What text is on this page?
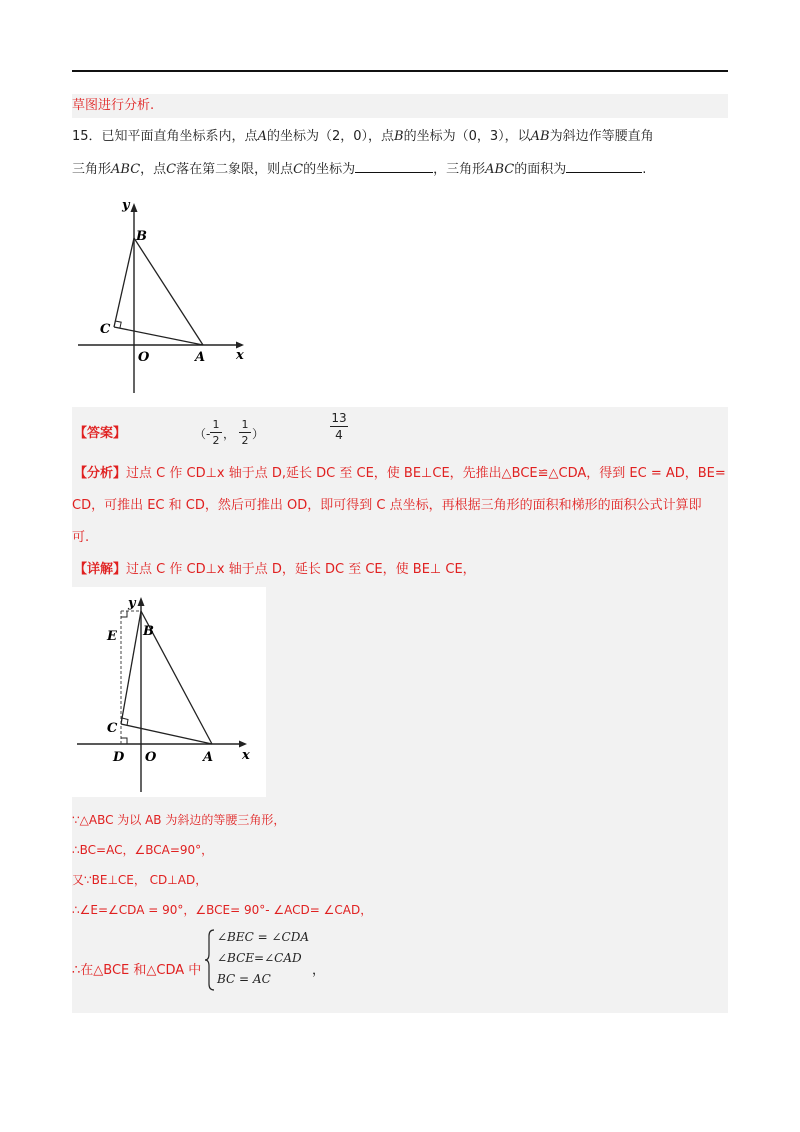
草图进行分析.
15．已知平面直角坐标系内，点A的坐标为（2，0），点B的坐标为（0，3），以AB为斜边作等腰直角
三角形ABC，点C落在第二象限，则点C的坐标为	，三角形ABC的面积为	.
y
x
B
C
O	A
【答案】	（-
1
2 ，
1
2 ）
13
4
【分析】过点 C 作 CD⊥x 轴于点 D,延长 DC 至 CE，使 BE⊥CE，先推出△BCE≌△CDA，得到 EC = AD，BE=
CD，可推出 EC 和 CD，然后可推出 OD，即可得到 C 点坐标，再根据三角形的面积和梯形的面积公式计算即
可.
【详解】过点 C 作 CD⊥x 轴于点 D，延长 DC 至 CE，使 BE⊥ CE，
y
x
E B
C
D O	A
∵△ABC 为以 AB 为斜边的等腰三角形，
∴BC=AC，∠BCA=90°，
又∵BE⊥CE， CD⊥AD，
∴∠E=∠CDA = 90°，∠BCE= 90°- ∠ACD= ∠CAD，
∴在△BCE 和△CDA 中
∠BEC = ∠CDA
∠BCE=∠CAD
BC = AC
，
